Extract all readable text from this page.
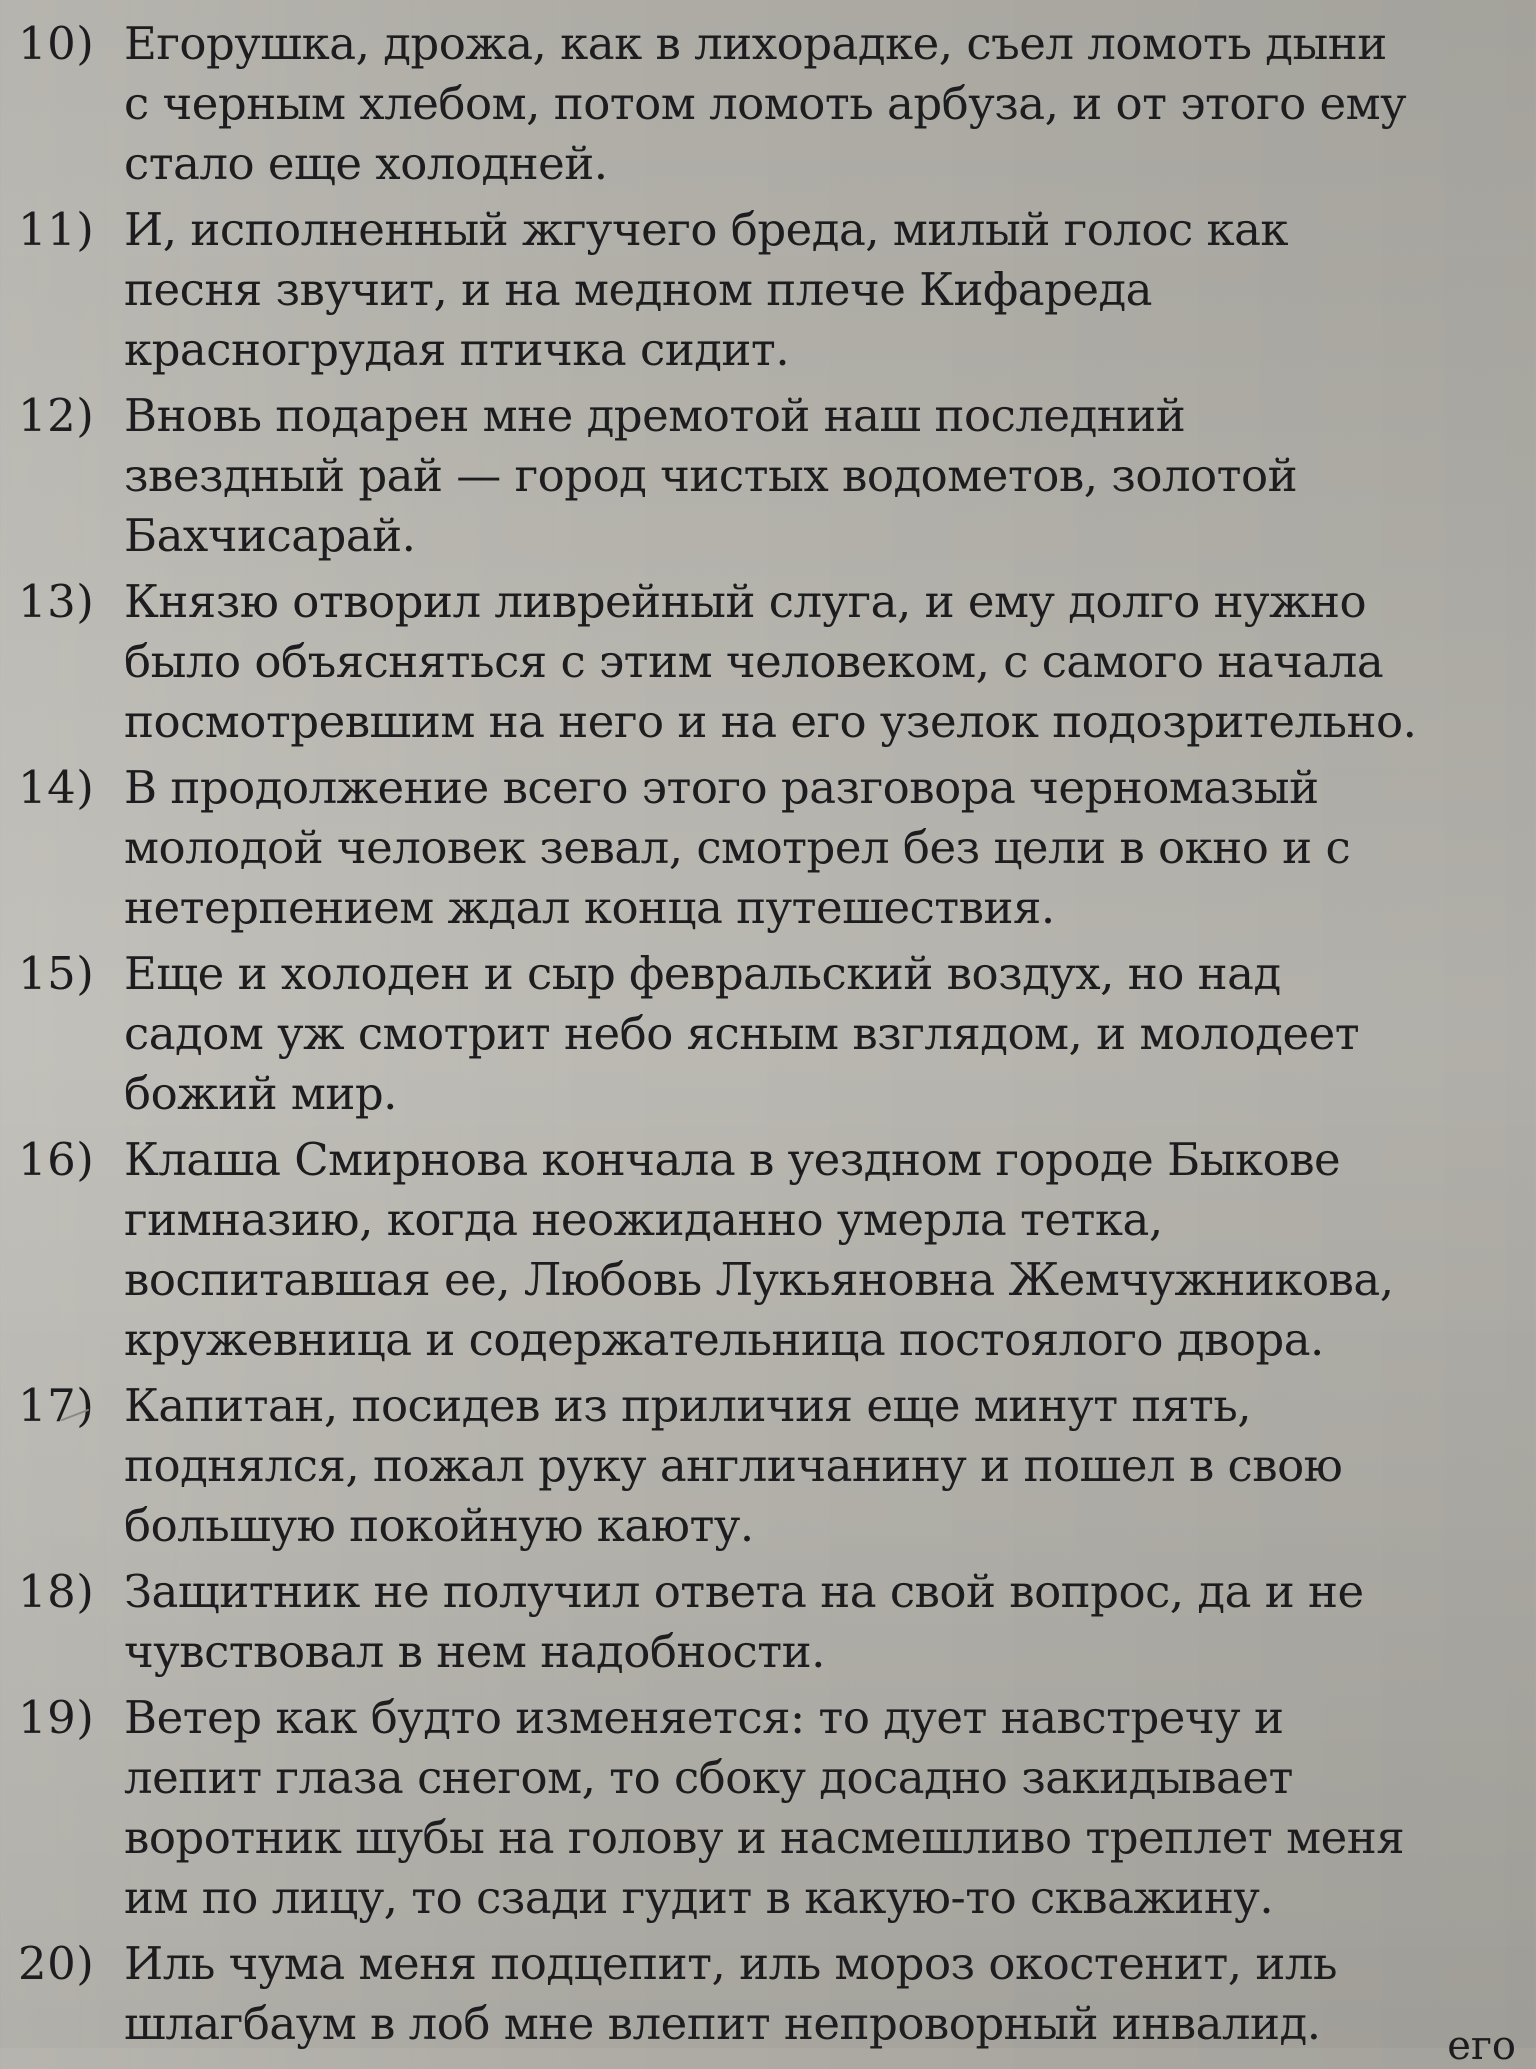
10) Егорушка, дрожа, как в лихорадке, съел ломоть дыни с черным хлебом, потом ломоть арбуза, и от этого ему стало еще холодней.
11) И, исполненный жгучего бреда, милый голос как песня звучит, и на медном плече Кифареда красногрудая птичка сидит.
12) Вновь подарен мне дремотой наш последний звездный рай — город чистых водометов, золотой Бахчисарай.
13) Князю отворил ливрейный слуга, и ему долго нужно было объясняться с этим человеком, с самого начала посмотревшим на него и на его узелок подозрительно.
14) В продолжение всего этого разговора черномазый молодой человек зевал, смотрел без цели в окно и с нетерпением ждал конца путешествия.
15) Еще и холоден и сыр февральский воздух, но над садом уж смотрит небо ясным взглядом, и молодеет божий мир.
16) Клаша Смирнова кончала в уездном городе Быкове гимназию, когда неожиданно умерла тетка, воспитавшая ее, Любовь Лукьяновна Жемчужникова, кружевница и содержательница постоялого двора.
17) Капитан, посидев из приличия еще минут пять, поднялся, пожал руку англичанину и пошел в свою большую покойную каюту.
18) Защитник не получил ответа на свой вопрос, да и не чувствовал в нем надобности.
19) Ветер как будто изменяется: то дует навстречу и лепит глаза снегом, то сбоку досадно закидывает воротник шубы на голову и насмешливо треплет меня им по лицу, то сзади гудит в какую-то скважину.
20) Иль чума меня подцепит, иль мороз окостенит, иль шлагбаум в лоб мне влепит непроворный инвалид.	его
